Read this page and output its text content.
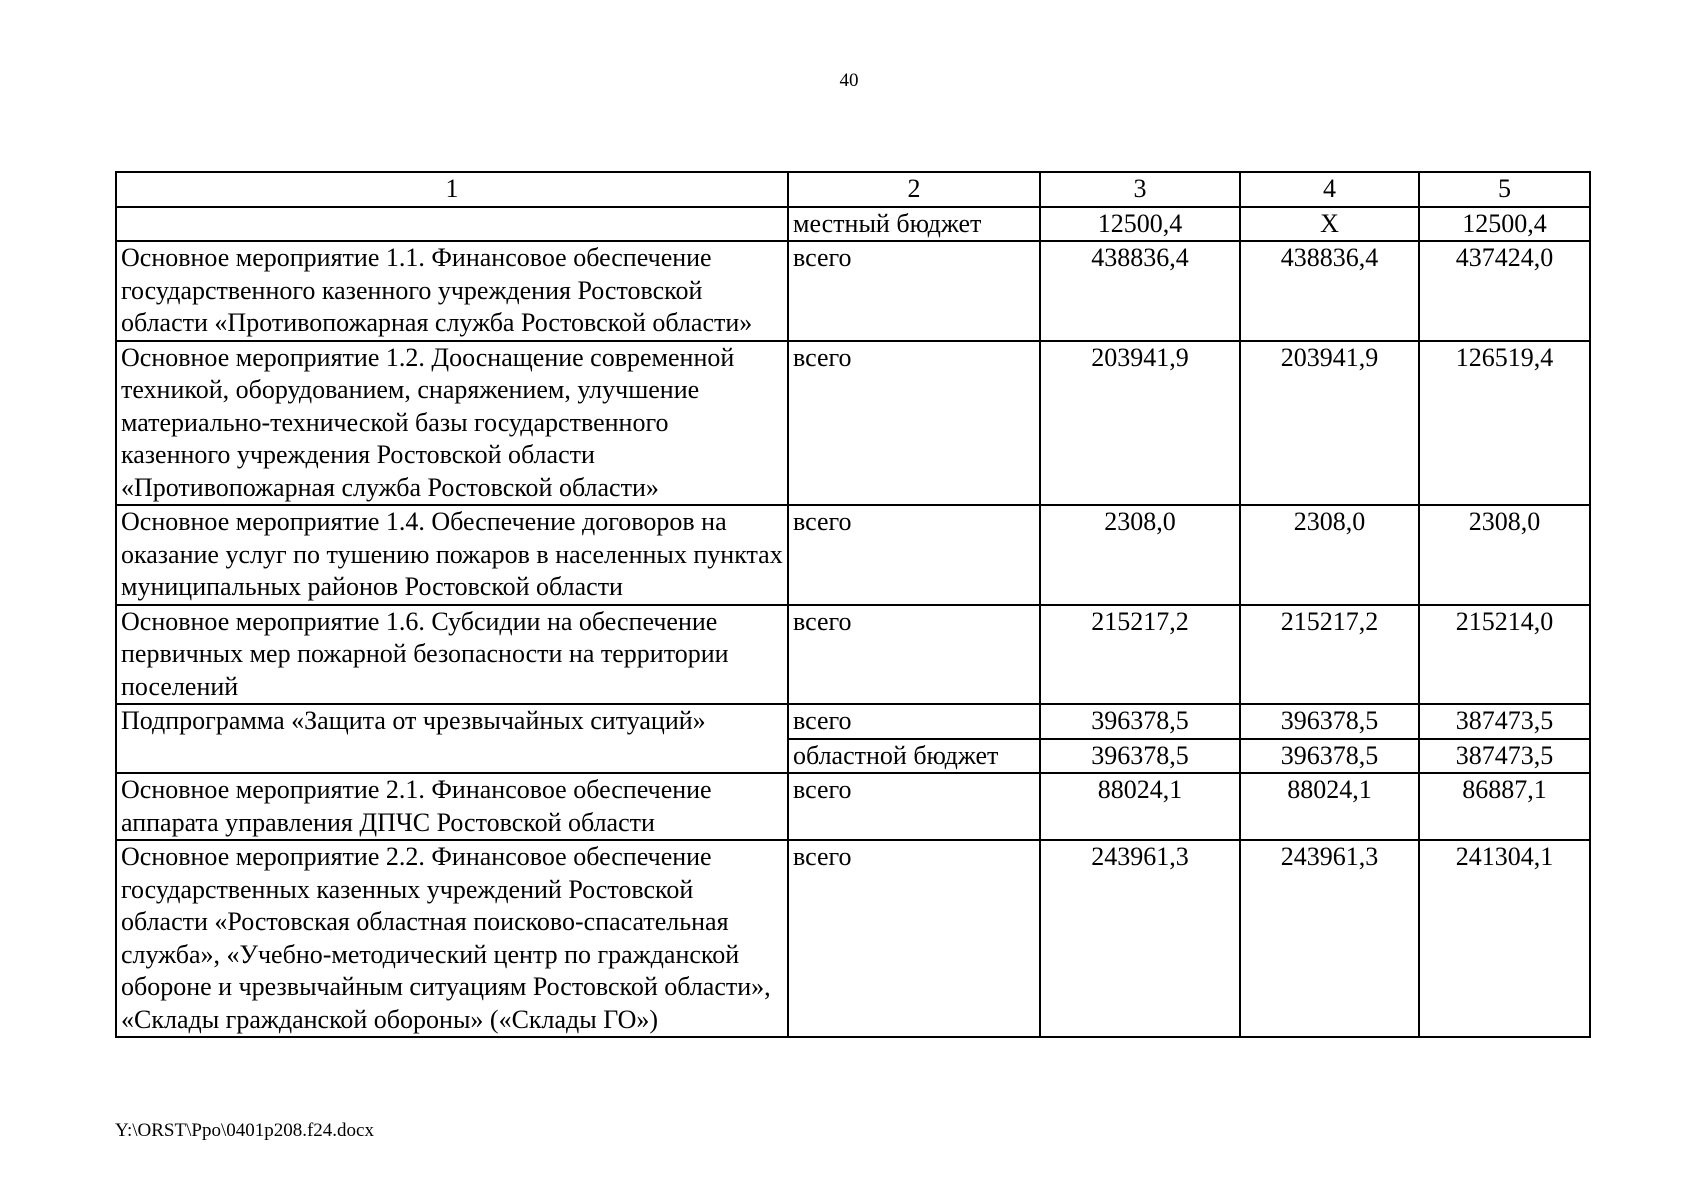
40
1	2	3	4	5
	местный бюджет	12500,4	Х	12500,4
Основное мероприятие 1.1. Финансовое обеспечение государственного казенного учреждения Ростовской области «Противопожарная служба Ростовской области»	всего	438836,4	438836,4	437424,0
Основное мероприятие 1.2. Дооснащение современной техникой, оборудованием, снаряжением, улучшение материально-технической базы государственного казенного учреждения Ростовской области «Противопожарная служба Ростовской области»	всего	203941,9	203941,9	126519,4
Основное мероприятие 1.4. Обеспечение договоров на оказание услуг по тушению пожаров в населенных пунктах муниципальных районов Ростовской области	всего	2308,0	2308,0	2308,0
Основное мероприятие 1.6. Субсидии на обеспечение первичных мер пожарной безопасности на территории поселений	всего	215217,2	215217,2	215214,0
Подпрограмма «Защита от чрезвычайных ситуаций»	всего	396378,5	396378,5	387473,5
	областной бюджет	396378,5	396378,5	387473,5
Основное мероприятие 2.1. Финансовое обеспечение аппарата управления ДПЧС Ростовской области	всего	88024,1	88024,1	86887,1
Основное мероприятие 2.2. Финансовое обеспечение государственных казенных учреждений Ростовской области «Ростовская областная поисково-спасательная служба», «Учебно-методический центр по гражданской обороне и чрезвычайным ситуациям Ростовской области», «Склады гражданской обороны» («Склады ГО»)	всего	243961,3	243961,3	241304,1
Y:\ORST\Ppo\0401p208.f24.docx
